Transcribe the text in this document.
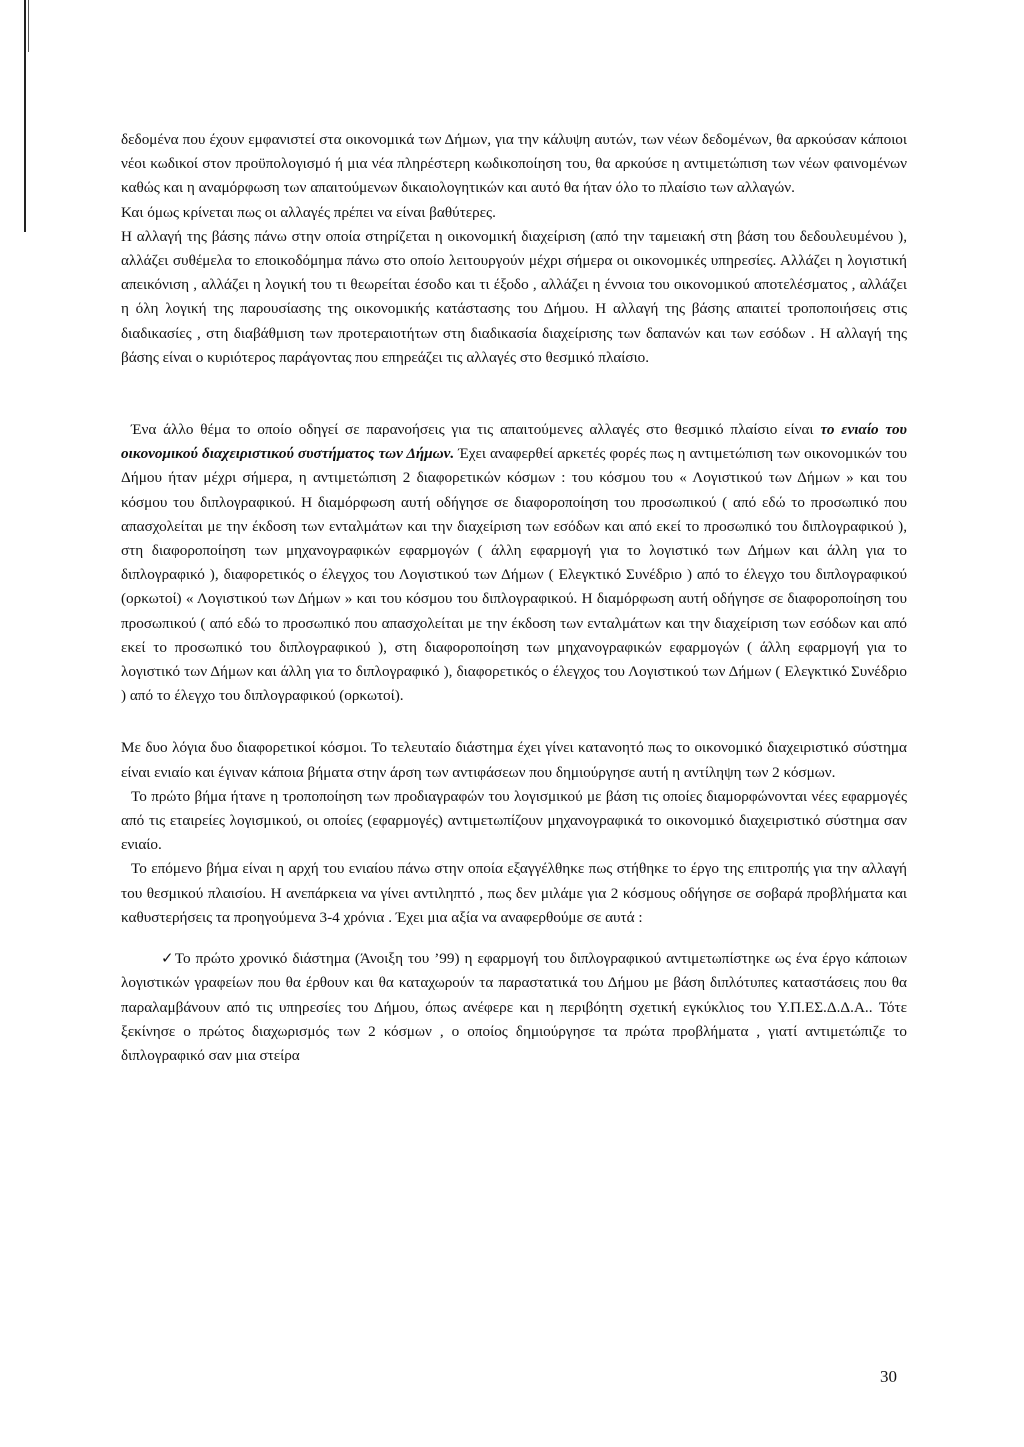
δεδομένα που έχουν εμφανιστεί στα οικονομικά των Δήμων, για την κάλυψη αυτών, των νέων δεδομένων, θα αρκούσαν κάποιοι νέοι κωδικοί στον προϋπολογισμό ή μια νέα πληρέστερη κωδικοποίηση του, θα αρκούσε η αντιμετώπιση των νέων φαινομένων καθώς και η αναμόρφωση των απαιτούμενων δικαιολογητικών και αυτό θα ήταν όλο το πλαίσιο των αλλαγών.

Και όμως κρίνεται πως οι αλλαγές πρέπει να είναι βαθύτερες.

Η αλλαγή της βάσης πάνω στην οποία στηρίζεται η οικονομική διαχείριση (από την ταμειακή στη βάση του δεδουλευμένου ), αλλάζει συθέμελα το εποικοδόμημα πάνω στο οποίο λειτουργούν μέχρι σήμερα οι οικονομικές υπηρεσίες. Αλλάζει η λογιστική απεικόνιση , αλλάζει η λογική του τι θεωρείται έσοδο και τι έξοδο , αλλάζει η έννοια του οικονομικού αποτελέσματος , αλλάζει η όλη λογική της παρουσίασης της οικονομικής κατάστασης του Δήμου. Η αλλαγή της βάσης απαιτεί τροποποιήσεις στις διαδικασίες , στη διαβάθμιση των προτεραιοτήτων στη διαδικασία διαχείρισης των δαπανών και των εσόδων . Η αλλαγή της βάσης είναι ο κυριότερος παράγοντας που επηρεάζει τις αλλαγές στο θεσμικό πλαίσιο.

Ένα άλλο θέμα το οποίο οδηγεί σε παρανοήσεις για τις απαιτούμενες αλλαγές στο θεσμικό πλαίσιο είναι το ενιαίο του οικονομικού διαχειριστικού συστήματος των Δήμων. Έχει αναφερθεί αρκετές φορές πως η αντιμετώπιση των οικονομικών του Δήμου ήταν μέχρι σήμερα, η αντιμετώπιση 2 διαφορετικών κόσμων : του κόσμου του « Λογιστικού των Δήμων » και του κόσμου του διπλογραφικού. Η διαμόρφωση αυτή οδήγησε σε διαφοροποίηση του προσωπικού ( από εδώ το προσωπικό που απασχολείται με την έκδοση των ενταλμάτων και την διαχείριση των εσόδων και από εκεί το προσωπικό του διπλογραφικού ), στη διαφοροποίηση των μηχανογραφικών εφαρμογών ( άλλη εφαρμογή για το λογιστικό των Δήμων και άλλη για το διπλογραφικό ), διαφορετικός ο έλεγχος του Λογιστικού των Δήμων ( Ελεγκτικό Συνέδριο ) από το έλεγχο του διπλογραφικού (ορκωτοί) « Λογιστικού των Δήμων » και του κόσμου του διπλογραφικού. Η διαμόρφωση αυτή οδήγησε σε διαφοροποίηση του προσωπικού ( από εδώ το προσωπικό που απασχολείται με την έκδοση των ενταλμάτων και την διαχείριση των εσόδων και από εκεί το προσωπικό του διπλογραφικού ), στη διαφοροποίηση των μηχανογραφικών εφαρμογών ( άλλη εφαρμογή για το λογιστικό των Δήμων και άλλη για το διπλογραφικό ), διαφορετικός ο έλεγχος του Λογιστικού των Δήμων ( Ελεγκτικό Συνέδριο ) από το έλεγχο του διπλογραφικού (ορκωτοί).

Με δυο λόγια δυο διαφορετικοί κόσμοι. Το τελευταίο διάστημα έχει γίνει κατανοητό πως το οικονομικό διαχειριστικό σύστημα είναι ενιαίο και έγιναν κάποια βήματα στην άρση των αντιφάσεων που δημιούργησε αυτή η αντίληψη των 2 κόσμων.

Το πρώτο βήμα ήτανε η τροποποίηση των προδιαγραφών του λογισμικού με βάση τις οποίες διαμορφώνονται νέες εφαρμογές από τις εταιρείες λογισμικού, οι οποίες (εφαρμογές) αντιμετωπίζουν μηχανογραφικά το οικονομικό διαχειριστικό σύστημα σαν ενιαίο.

Το επόμενο βήμα είναι η αρχή του ενιαίου πάνω στην οποία εξαγγέλθηκε πως στήθηκε το έργο της επιτροπής για την αλλαγή του θεσμικού πλαισίου. Η ανεπάρκεια να γίνει αντιληπτό , πως δεν μιλάμε για 2 κόσμους οδήγησε σε σοβαρά προβλήματα και καθυστερήσεις τα προηγούμενα 3-4 χρόνια . Έχει μια αξία να αναφερθούμε σε αυτά :

✓Το πρώτο χρονικό διάστημα (Άνοιξη του ’99) η εφαρμογή του διπλογραφικού αντιμετωπίστηκε ως ένα έργο κάποιων λογιστικών γραφείων που θα έρθουν και θα καταχωρούν τα παραστατικά του Δήμου με βάση διπλότυπες καταστάσεις που θα παραλαμβάνουν από τις υπηρεσίες του Δήμου, όπως ανέφερε και η περιβόητη σχετική εγκύκλιος του Υ.Π.ΕΣ.Δ.Δ.Α.. Τότε ξεκίνησε ο πρώτος διαχωρισμός των 2 κόσμων , ο οποίος δημιούργησε τα πρώτα προβλήματα , γιατί αντιμετώπιζε το διπλογραφικό σαν μια στείρα

30
